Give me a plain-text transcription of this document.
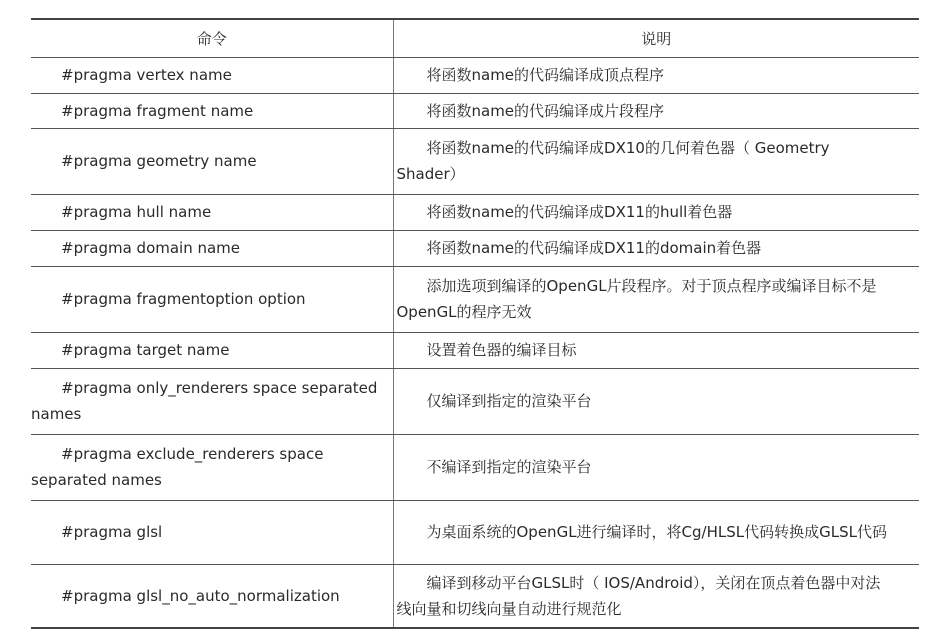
命令	说明
#pragma vertex name	将函数name的代码编译成顶点程序
#pragma fragment name	将函数name的代码编译成片段程序
#pragma geometry name	将函数name的代码编译成DX10的几何着色器（ Geometry Shader）
#pragma hull name	将函数name的代码编译成DX11的hull着色器
#pragma domain name	将函数name的代码编译成DX11的domain着色器
#pragma fragmentoption option	添加选项到编译的OpenGL片段程序。对于顶点程序或编译目标不是OpenGL的程序无效
#pragma target name	设置着色器的编译目标
#pragma only_renderers space separated names	仅编译到指定的渲染平台
#pragma exclude_renderers space separated names	不编译到指定的渲染平台
#pragma glsl	为桌面系统的OpenGL进行编译时，将Cg/HLSL代码转换成GLSL代码
#pragma glsl_no_auto_normalization	编译到移动平台GLSL时（ IOS/Android），关闭在顶点着色器中对法线向量和切线向量自动进行规范化
